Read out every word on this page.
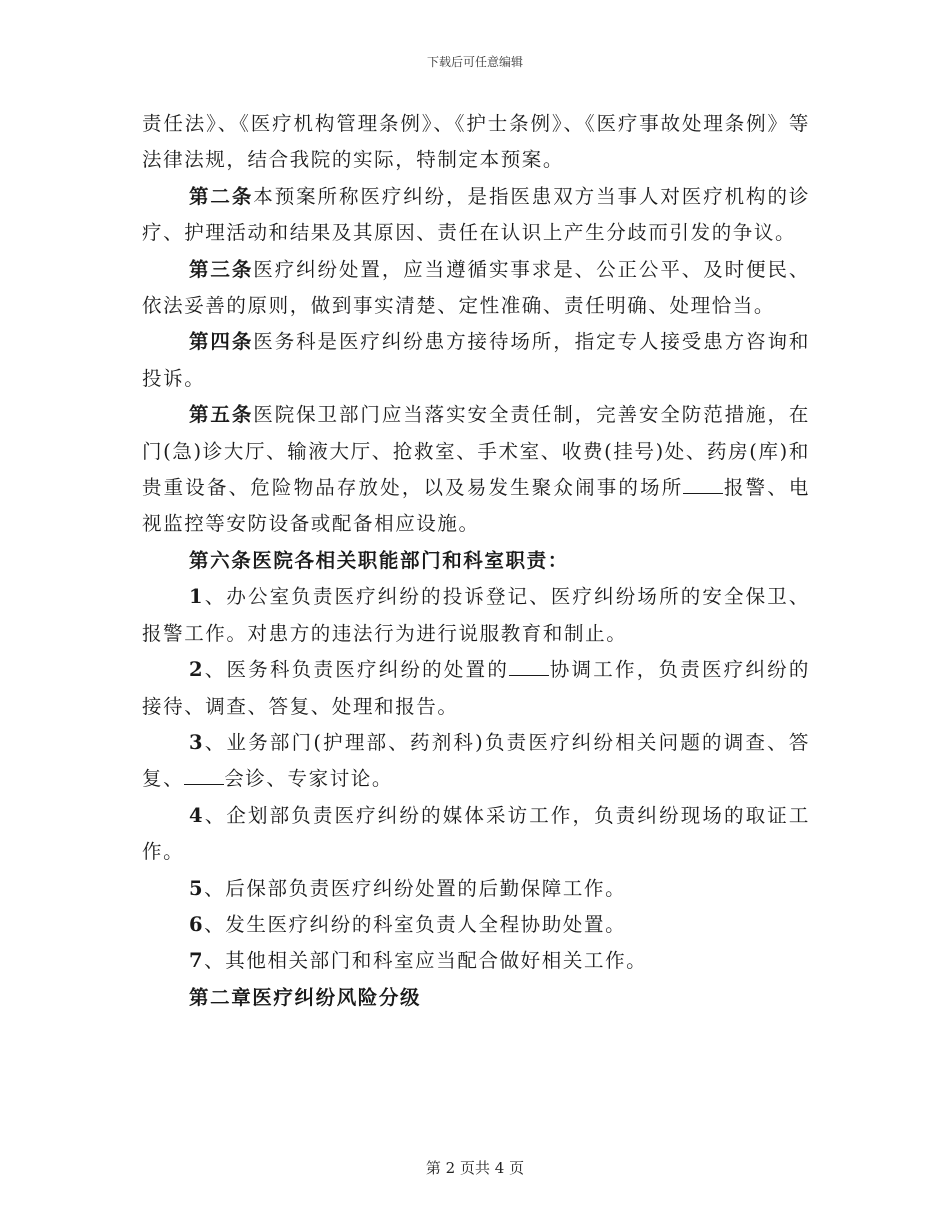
下载后可任意编辑

责任法》、《医疗机构管理条例》、《护士条例》、《医疗事故处理条例》等法律法规，结合我院的实际，特制定本预案。

第二条本预案所称医疗纠纷，是指医患双方当事人对医疗机构的诊疗、护理活动和结果及其原因、责任在认识上产生分歧而引发的争议。

第三条医疗纠纷处置，应当遵循实事求是、公正公平、及时便民、依法妥善的原则，做到事实清楚、定性准确、责任明确、处理恰当。

第四条医务科是医疗纠纷患方接待场所，指定专人接受患方咨询和投诉。

第五条医院保卫部门应当落实安全责任制，完善安全防范措施，在门(急)诊大厅、输液大厅、抢救室、手术室、收费(挂号)处、药房(库)和贵重设备、危险物品存放处，以及易发生聚众闹事的场所 报警、电视监控等安防设备或配备相应设施。

第六条医院各相关职能部门和科室职责：

1、办公室负责医疗纠纷的投诉登记、医疗纠纷场所的安全保卫、报警工作。对患方的违法行为进行说服教育和制止。

2、医务科负责医疗纠纷的处置的 协调工作，负责医疗纠纷的接待、调查、答复、处理和报告。

3、业务部门(护理部、药剂科)负责医疗纠纷相关问题的调查、答复、 会诊、专家讨论。

4、企划部负责医疗纠纷的媒体采访工作，负责纠纷现场的取证工作。

5、后保部负责医疗纠纷处置的后勤保障工作。

6、发生医疗纠纷的科室负责人全程协助处置。

7、其他相关部门和科室应当配合做好相关工作。

第二章医疗纠纷风险分级

第 2 页共 4 页
